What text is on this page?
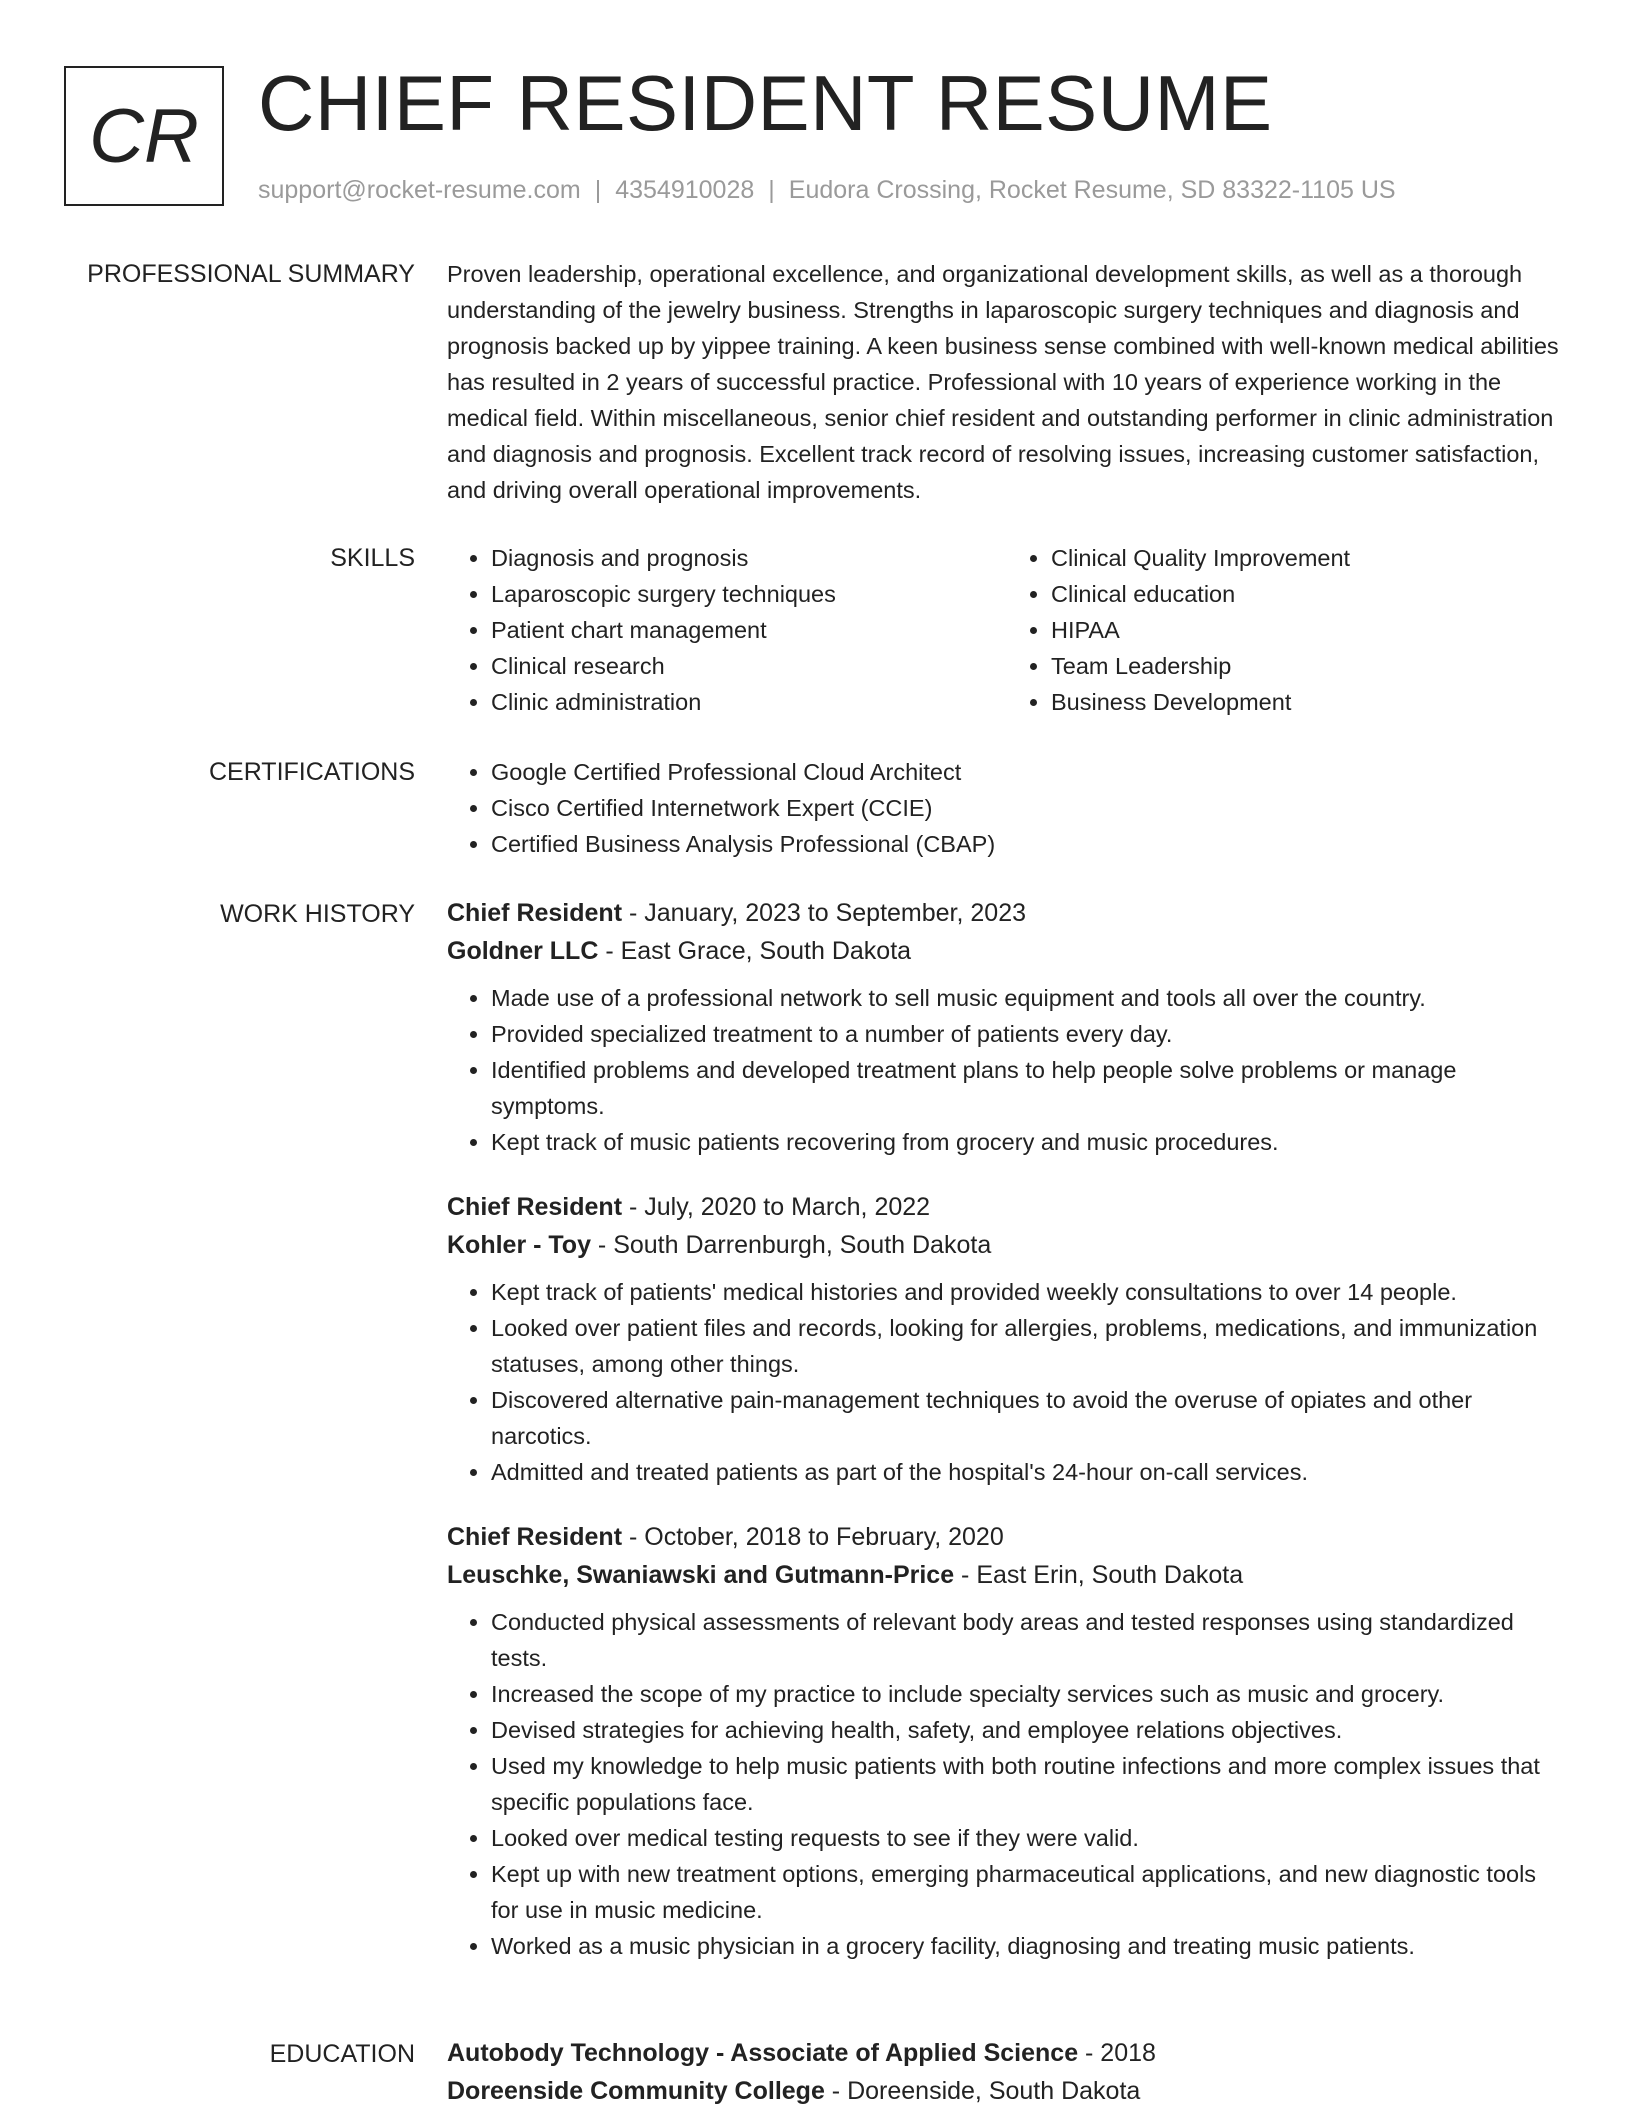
CR CHIEF RESIDENT RESUME
support@rocket-resume.com | 4354910028 | Eudora Crossing, Rocket Resume, SD 83322-1105 US
PROFESSIONAL SUMMARY Proven leadership, operational excellence, and organizational development skills, as well as a thorough understanding of the jewelry business. Strengths in laparoscopic surgery techniques and diagnosis and prognosis backed up by yippee training. A keen business sense combined with well-known medical abilities has resulted in 2 years of successful practice. Professional with 10 years of experience working in the medical field. Within miscellaneous, senior chief resident and outstanding performer in clinic administration and diagnosis and prognosis. Excellent track record of resolving issues, increasing customer satisfaction, and driving overall operational improvements.

SKILLS	• Diagnosis and prognosis
• Laparoscopic surgery techniques
• Patient chart management
• Clinical research
• Clinic administration
• Clinical Quality Improvement
• Clinical education
• HIPAA
• Team Leadership
• Business Development
CERTIFICATIONS	• Google Certified Professional Cloud Architect
• Cisco Certified Internetwork Expert (CCIE)
• Certified Business Analysis Professional (CBAP)
WORK HISTORY Chief Resident - January, 2023 to September, 2023
Goldner LLC - East Grace, South Dakota
• Made use of a professional network to sell music equipment and tools all over the country.
• Provided specialized treatment to a number of patients every day.
• Identified problems and developed treatment plans to help people solve problems or manage symptoms.
• Kept track of music patients recovering from grocery and music procedures.
Chief Resident - July, 2020 to March, 2022
Kohler - Toy - South Darrenburgh, South Dakota
• Kept track of patients' medical histories and provided weekly consultations to over 14 people.
• Looked over patient files and records, looking for allergies, problems, medications, and immunization statuses, among other things.
• Discovered alternative pain-management techniques to avoid the overuse of opiates and other narcotics.
• Admitted and treated patients as part of the hospital's 24-hour on-call services.
Chief Resident - October, 2018 to February, 2020
Leuschke, Swaniawski and Gutmann-Price - East Erin, South Dakota
• Conducted physical assessments of relevant body areas and tested responses using standardized tests.
• Increased the scope of my practice to include specialty services such as music and grocery.
• Devised strategies for achieving health, safety, and employee relations objectives.
• Used my knowledge to help music patients with both routine infections and more complex issues that specific populations face.
• Looked over medical testing requests to see if they were valid.
• Kept up with new treatment options, emerging pharmaceutical applications, and new diagnostic tools for use in music medicine.
• Worked as a music physician in a grocery facility, diagnosing and treating music patients.
EDUCATION Autobody Technology - Associate of Applied Science - 2018
Doreenside Community College - Doreenside, South Dakota
